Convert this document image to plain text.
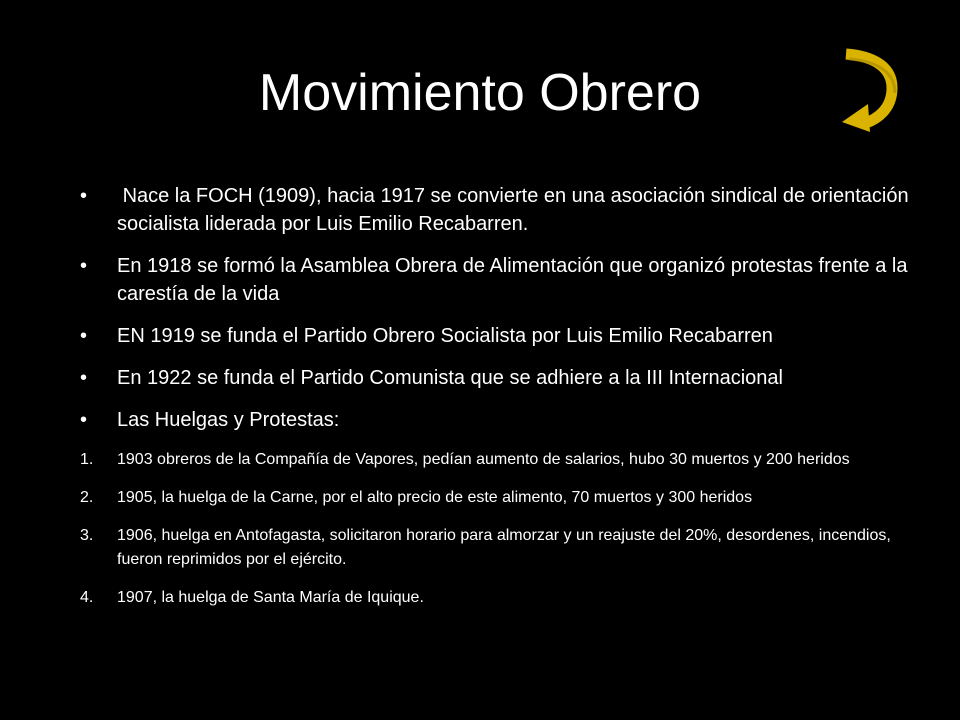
Movimiento Obrero
• Nace la FOCH (1909), hacia 1917 se convierte en una asociación sindical de orientación socialista liderada por Luis Emilio Recabarren.
• En 1918 se formó la Asamblea Obrera de Alimentación que organizó protestas frente a la carestía de la vida
• EN 1919 se funda el Partido Obrero Socialista por Luis Emilio Recabarren
• En 1922 se funda el Partido Comunista que se adhiere a la III Internacional
• Las Huelgas y Protestas:
1. 1903 obreros de la Compañía de Vapores, pedían aumento de salarios, hubo 30 muertos y 200 heridos
2. 1905, la huelga de la Carne, por el alto precio de este alimento, 70 muertos y 300 heridos
3. 1906, huelga en Antofagasta, solicitaron horario para almorzar y un reajuste del 20%, desordenes, incendios, fueron reprimidos por el ejército.
4. 1907, la huelga de Santa María de Iquique.
